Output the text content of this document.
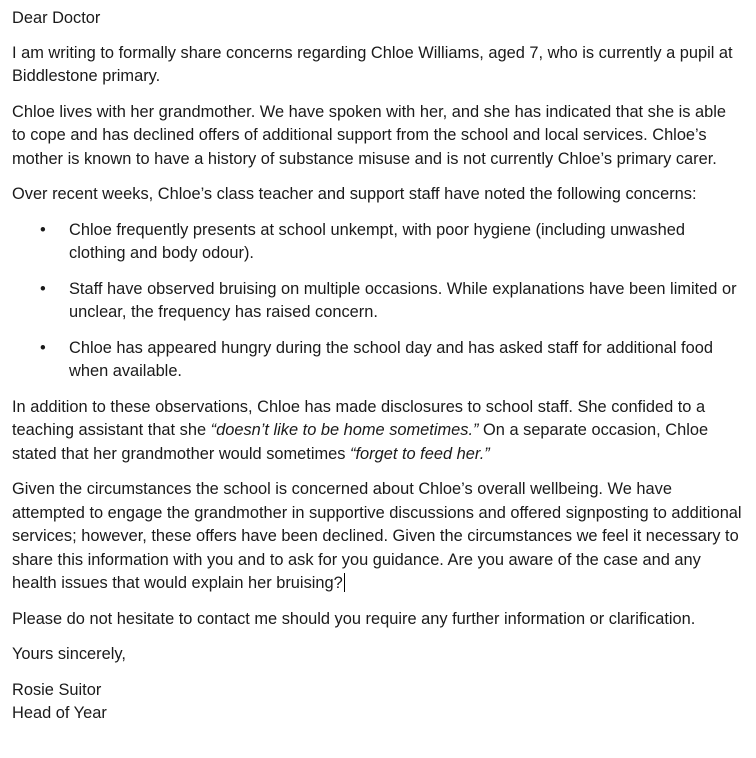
Dear Doctor

I am writing to formally share concerns regarding Chloe Williams, aged 7, who is currently a pupil at Biddlestone primary.

Chloe lives with her grandmother. We have spoken with her, and she has indicated that she is able to cope and has declined offers of additional support from the school and local services. Chloe’s mother is known to have a history of substance misuse and is not currently Chloe’s primary carer.

Over recent weeks, Chloe’s class teacher and support staff have noted the following concerns:

• Chloe frequently presents at school unkempt, with poor hygiene (including unwashed clothing and body odour).
• Staff have observed bruising on multiple occasions. While explanations have been limited or unclear, the frequency has raised concern.
• Chloe has appeared hungry during the school day and has asked staff for additional food when available.

In addition to these observations, Chloe has made disclosures to school staff. She confided to a teaching assistant that she “doesn’t like to be home sometimes.” On a separate occasion, Chloe stated that her grandmother would sometimes “forget to feed her.”

Given the circumstances the school is concerned about Chloe’s overall wellbeing. We have attempted to engage the grandmother in supportive discussions and offered signposting to additional services; however, these offers have been declined. Given the circumstances we feel it necessary to share this information with you and to ask for you guidance. Are you aware of the case and any health issues that would explain her bruising?

Please do not hesitate to contact me should you require any further information or clarification.

Yours sincerely,

Rosie Suitor

Head of Year
